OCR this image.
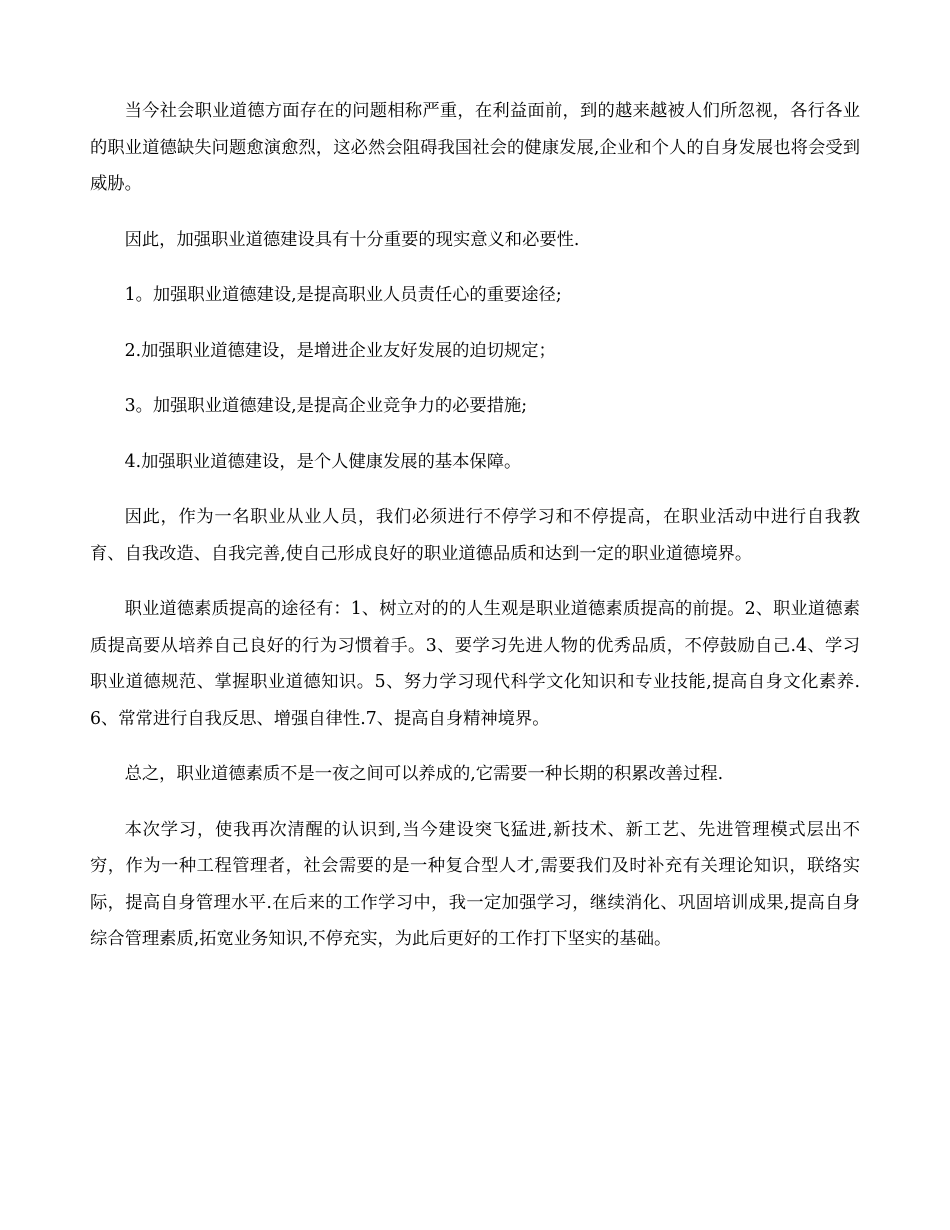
当今社会职业道德方面存在的问题相称严重，在利益面前，到的越来越被人们所忽视，各行各业的职业道德缺失问题愈演愈烈，这必然会阻碍我国社会的健康发展,企业和个人的自身发展也将会受到威胁。

因此，加强职业道德建设具有十分重要的现实意义和必要性.

1。加强职业道德建设,是提高职业人员责任心的重要途径;

2.加强职业道德建设，是增进企业友好发展的迫切规定；

3。加强职业道德建设,是提高企业竞争力的必要措施;

4.加强职业道德建设，是个人健康发展的基本保障。

因此，作为一名职业从业人员，我们必须进行不停学习和不停提高，在职业活动中进行自我教育、自我改造、自我完善,使自己形成良好的职业道德品质和达到一定的职业道德境界。

职业道德素质提高的途径有：1、树立对的的人生观是职业道德素质提高的前提。2、职业道德素质提高要从培养自己良好的行为习惯着手。3、要学习先进人物的优秀品质，不停鼓励自己.4、学习职业道德规范、掌握职业道德知识。5、努力学习现代科学文化知识和专业技能,提高自身文化素养.6、常常进行自我反思、增强自律性.7、提高自身精神境界。

总之，职业道德素质不是一夜之间可以养成的,它需要一种长期的积累改善过程.

本次学习，使我再次清醒的认识到,当今建设突飞猛进,新技术、新工艺、先进管理模式层出不穷，作为一种工程管理者，社会需要的是一种复合型人才,需要我们及时补充有关理论知识，联络实际，提高自身管理水平.在后来的工作学习中，我一定加强学习，继续消化、巩固培训成果,提高自身综合管理素质,拓宽业务知识,不停充实，为此后更好的工作打下坚实的基础。
